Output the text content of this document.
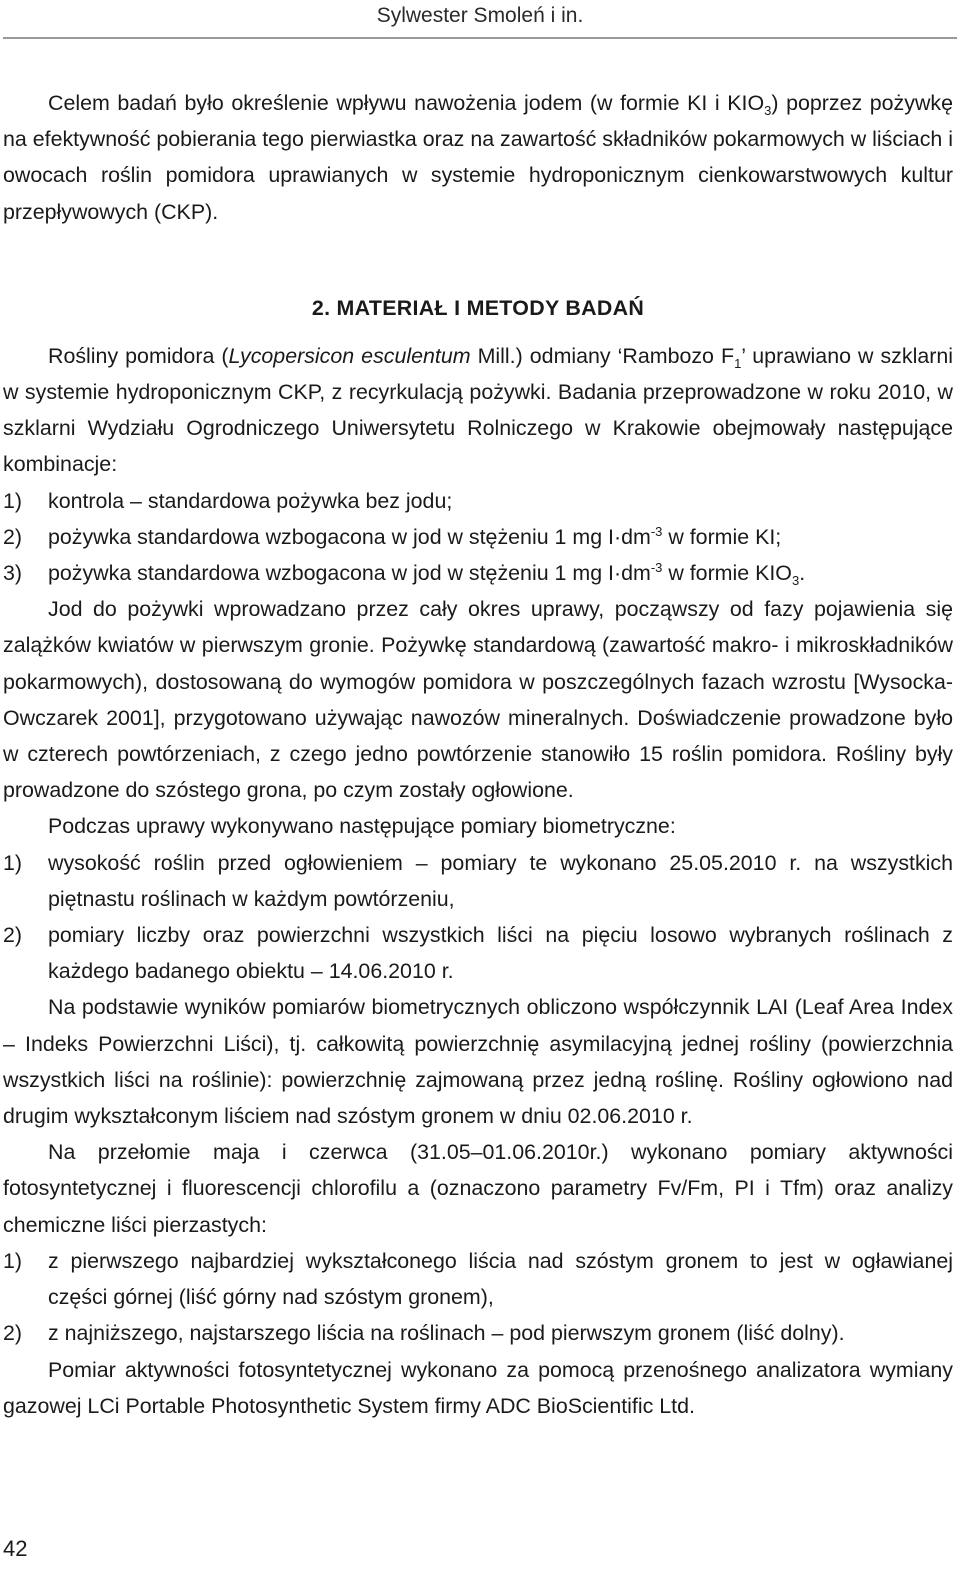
Sylwester Smoleń i in.

Celem badań było określenie wpływu nawożenia jodem (w formie KI i $KIO_3$) poprzez pożywkę na efektywność pobierania tego pierwiastka oraz na zawartość składników pokarmowych w liściach i owocach roślin pomidora uprawianych w systemie hydroponicznym cienkowarstwowych kultur przepływowych (CKP).

2. MATERIAŁ I METODY BADAŃ

Rośliny pomidora (Lycopersicon esculentum Mill.) odmiany ‘Rambozo $F_1$’ uprawiano w szklarni w systemie hydroponicznym CKP, z recyrkulacją pożywki. Badania przeprowadzone w roku 2010, w szklarni Wydziału Ogrodniczego Uniwersytetu Rolniczego w Krakowie obejmowały następujące kombinacje:

1) kontrola – standardowa pożywka bez jodu;
2) pożywka standardowa wzbogacona w jod w stężeniu 1 mg $I\cdot dm^{-3}$ w formie KI;
3) pożywka standardowa wzbogacona w jod w stężeniu 1 mg $I\cdot dm^{-3}$ w formie $KIO_3$.

Jod do pożywki wprowadzano przez cały okres uprawy, począwszy od fazy pojawienia się zalążków kwiatów w pierwszym gronie. Pożywkę standardową (zawartość makro- i mikroskładników pokarmowych), dostosowaną do wymogów pomidora w poszczególnych fazach wzrostu [Wysocka-Owczarek 2001], przygotowano używając nawozów mineralnych. Doświadczenie prowadzone było w czterech powtórzeniach, z czego jedno powtórzenie stanowiło 15 roślin pomidora. Rośliny były prowadzone do szóstego grona, po czym zostały ogłowione.

Podczas uprawy wykonywano następujące pomiary biometryczne:

1) wysokość roślin przed ogłowieniem – pomiary te wykonano 25.05.2010 r. na wszystkich piętnastu roślinach w każdym powtórzeniu,
2) pomiary liczby oraz powierzchni wszystkich liści na pięciu losowo wybranych roślinach z każdego badanego obiektu – 14.06.2010 r.

Na podstawie wyników pomiarów biometrycznych obliczono współczynnik LAI (Leaf Area Index – Indeks Powierzchni Liści), tj. całkowitą powierzchnię asymilacyjną jednej rośliny (powierzchnia wszystkich liści na roślinie): powierzchnię zajmowaną przez jedną roślinę. Rośliny ogłowiono nad drugim wykształconym liściem nad szóstym gronem w dniu 02.06.2010 r.

Na przełomie maja i czerwca (31.05–01.06.2010r.) wykonano pomiary aktywności fotosyntetycznej i fluorescencji chlorofilu a (oznaczono parametry Fv/Fm, PI i Tfm) oraz analizy chemiczne liści pierzastych:

1) z pierwszego najbardziej wykształconego liścia nad szóstym gronem to jest w ogławianej części górnej (liść górny nad szóstym gronem),
2) z najniższego, najstarszego liścia na roślinach – pod pierwszym gronem (liść dolny).

Pomiar aktywności fotosyntetycznej wykonano za pomocą przenośnego analizatora wymiany gazowej LCi Portable Photosynthetic System firmy ADC BioScientific Ltd.

42
